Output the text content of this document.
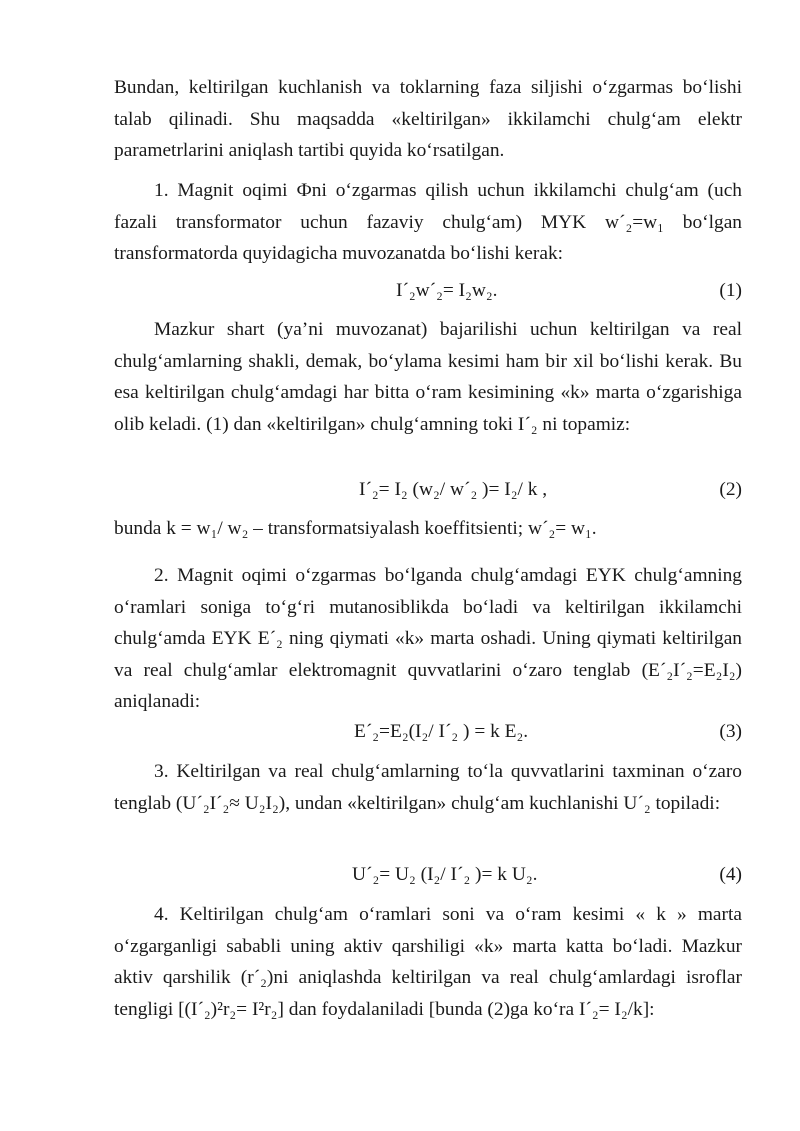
Bundan, keltirilgan kuchlanish va toklarning faza siljishi o‘zgarmas bo‘lishi talab qilinadi. Shu maqsadda «keltirilgan» ikkilamchi chulg‘am elektr parametrlarini aniqlash tartibi quyida ko‘rsatilgan.

1. Magnit oqimi Фni o‘zgarmas qilish uchun ikkilamchi chulg‘am (uch fazali transformator uchun fazaviy chulg‘am) MYK w´₂=w₁ bo‘lgan transformatorda quyidagicha muvozanatda bo‘lishi kerak:

I´₂w´₂= I₂w₂.	(1)

Mazkur shart (ya’ni muvozanat) bajarilishi uchun keltirilgan va real chulg‘amlarning shakli, demak, bo‘ylama kesimi ham bir xil bo‘lishi kerak. Bu esa keltirilgan chulg‘amdagi har bitta o‘ram kesimining «k» marta o‘zgarishiga olib keladi. (1) dan «keltirilgan» chulg‘amning toki I´₂ ni topamiz:

I´₂= I₂ (w₂/ w´₂ )= I₂/ k ,	(2)

bunda k = w₁/ w₂ – transformatsiyalash koeffitsienti; w´₂= w₁.

2. Magnit oqimi o‘zgarmas bo‘lganda chulg‘amdagi EYK chulg‘amning o‘ramlari soniga to‘g‘ri mutanosiblikda bo‘ladi va keltirilgan ikkilamchi chulg‘amda EYK E´₂ ning qiymati «k» marta oshadi. Uning qiymati keltirilgan va real chulg‘amlar elektromagnit quvvatlarini o‘zaro tenglab (E´₂I´₂=E₂I₂) aniqlanadi:

E´₂=E₂(I₂/ I´₂ ) = k E₂.	(3)

3. Keltirilgan va real chulg‘amlarning to‘la quvvatlarini taxminan o‘zaro tenglab (U´₂I´₂≈ U₂I₂), undan «keltirilgan» chulg‘am kuchlanishi U´₂ topiladi:

U´₂= U₂ (I₂/ I´₂ )= k U₂.	(4)

4. Keltirilgan chulg‘am o‘ramlari soni va o‘ram kesimi « k » marta o‘zgarganligi sababli uning aktiv qarshiligi «k» marta katta bo‘ladi. Mazkur aktiv qarshilik (r´₂)ni aniqlashda keltirilgan va real chulg‘amlardagi isroflar tengligi [(I´₂)²r₂= I²r₂] dan foydalaniladi [bunda (2)ga ko‘ra I´₂= I₂/k]:
